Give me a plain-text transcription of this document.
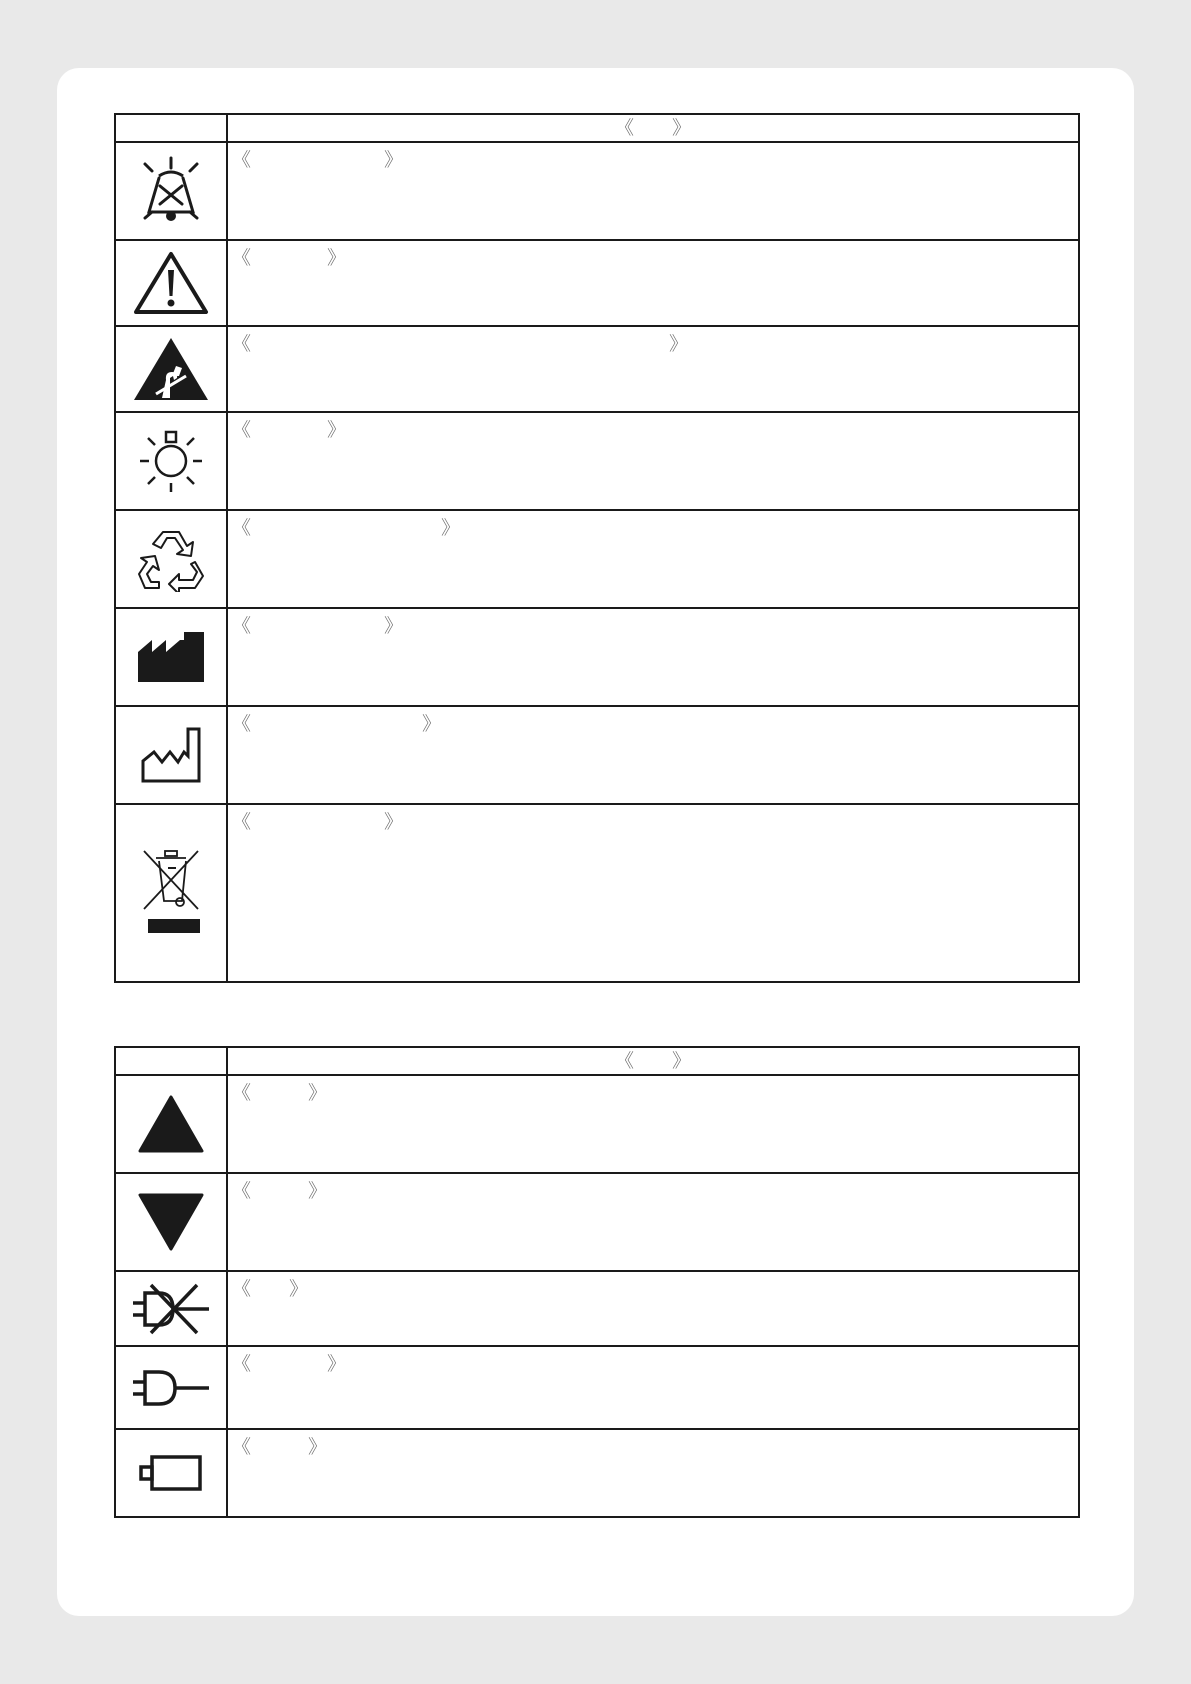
	《　　》

《　　　　　　　》

《　　　　》

《　　　　　　　　　　　　　　　　　　　　　　》

《　　　　》

《　　　　　　　　　　》

《　　　　　　　》

《　　　　　　　　　》

《　　　　　　　》
	《　　》

《　　　》

《　　　》

《　　》

《　　　　》

《　　　》
